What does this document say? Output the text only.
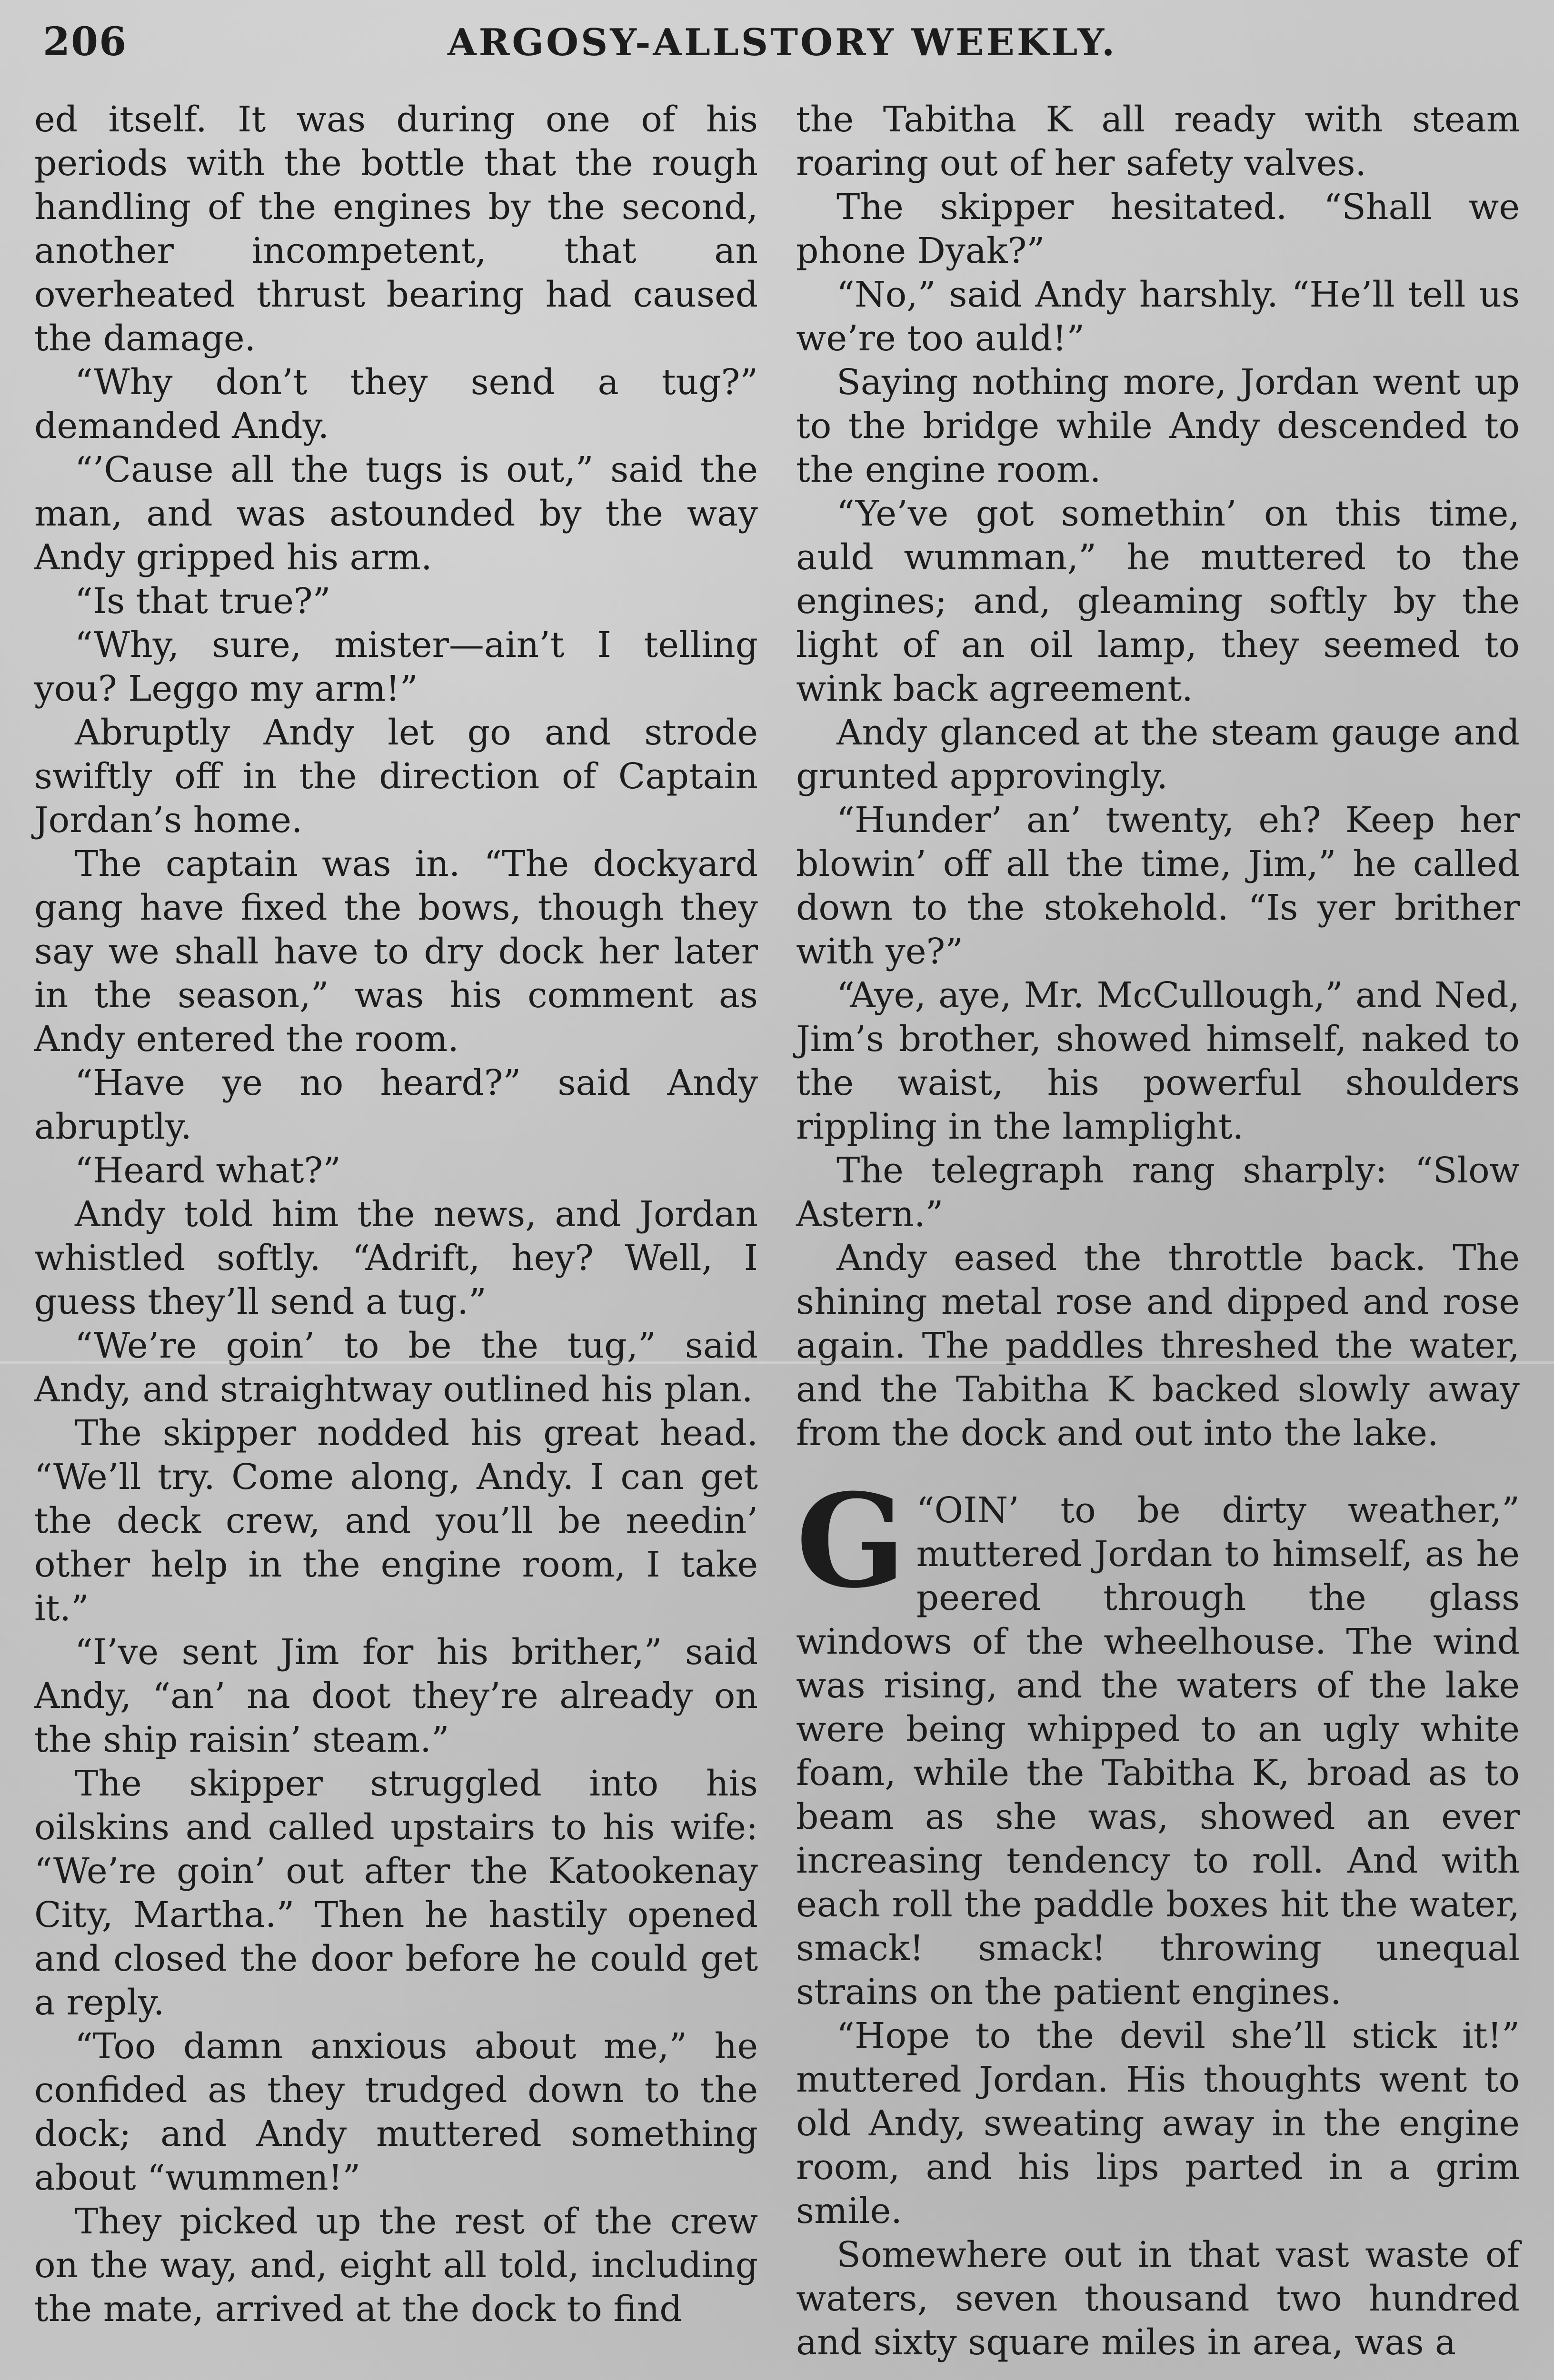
206	ARGOSY-ALLSTORY WEEKLY.

ed itself. It was during one of his periods with the bottle that the rough handling of the engines by the second, another incompetent, that an overheated thrust bearing had caused the damage.

“Why don’t they send a tug?” demanded Andy.

“’Cause all the tugs is out,” said the man, and was astounded by the way Andy gripped his arm.

“Is that true?”

“Why, sure, mister—ain’t I telling you? Leggo my arm!”

Abruptly Andy let go and strode swiftly off in the direction of Captain Jordan’s home.

The captain was in. “The dockyard gang have fixed the bows, though they say we shall have to dry dock her later in the season,” was his comment as Andy entered the room.

“Have ye no heard?” said Andy abruptly.

“Heard what?”

Andy told him the news, and Jordan whistled softly. “Adrift, hey? Well, I guess they’ll send a tug.”

“We’re goin’ to be the tug,” said Andy, and straightway outlined his plan.

The skipper nodded his great head. “We’ll try. Come along, Andy. I can get the deck crew, and you’ll be needin’ other help in the engine room, I take it.”

“I’ve sent Jim for his brither,” said Andy, “an’ na doot they’re already on the ship raisin’ steam.”

The skipper struggled into his oilskins and called upstairs to his wife: “We’re goin’ out after the Katookenay City, Martha.” Then he hastily opened and closed the door before he could get a reply.

“Too damn anxious about me,” he confided as they trudged down to the dock; and Andy muttered something about “wummen!”

They picked up the rest of the crew on the way, and, eight all told, including the mate, arrived at the dock to find

the Tabitha K all ready with steam roaring out of her safety valves.

The skipper hesitated. “Shall we phone Dyak?”

“No,” said Andy harshly. “He’ll tell us we’re too auld!”

Saying nothing more, Jordan went up to the bridge while Andy descended to the engine room.

“Ye’ve got somethin’ on this time, auld wumman,” he muttered to the engines; and, gleaming softly by the light of an oil lamp, they seemed to wink back agreement.

Andy glanced at the steam gauge and grunted approvingly.

“Hunder’ an’ twenty, eh? Keep her blowin’ off all the time, Jim,” he called down to the stokehold. “Is yer brither with ye?”

“Aye, aye, Mr. McCullough,” and Ned, Jim’s brother, showed himself, naked to the waist, his powerful shoulders rippling in the lamplight.

The telegraph rang sharply: “Slow Astern.”

Andy eased the throttle back. The shining metal rose and dipped and rose again. The paddles threshed the water, and the Tabitha K backed slowly away from the dock and out into the lake.

“
G OIN’ to be dirty weather,” muttered Jordan to himself, as he peered through the glass windows of the wheelhouse. The wind was rising, and the waters of the lake were being whipped to an ugly white foam, while the Tabitha K, broad as to beam as she was, showed an ever increasing tendency to roll. And with each roll the paddle boxes hit the water, smack! smack! throwing unequal strains on the patient engines.

“Hope to the devil she’ll stick it!” muttered Jordan. His thoughts went to old Andy, sweating away in the engine room, and his lips parted in a grim smile.

Somewhere out in that vast waste of waters, seven thousand two hundred and sixty square miles in area, was a
